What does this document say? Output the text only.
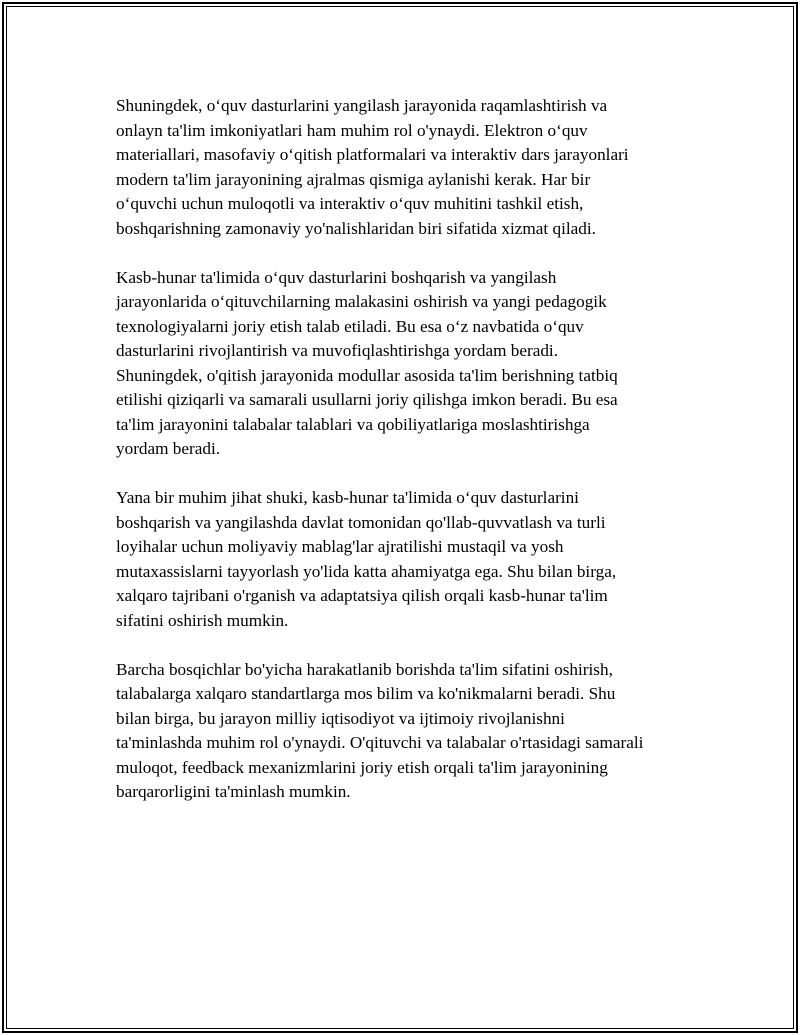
Shuningdek, o‘quv dasturlarini yangilash jarayonida raqamlashtirish va
onlayn ta'lim imkoniyatlari ham muhim rol o'ynaydi. Elektron o‘quv
materiallari, masofaviy o‘qitish platformalari va interaktiv dars jarayonlari
modern ta'lim jarayonining ajralmas qismiga aylanishi kerak. Har bir
o‘quvchi uchun muloqotli va interaktiv o‘quv muhitini tashkil etish,
boshqarishning zamonaviy yo'nalishlaridan biri sifatida xizmat qiladi.

Kasb-hunar ta'limida o‘quv dasturlarini boshqarish va yangilash
jarayonlarida o‘qituvchilarning malakasini oshirish va yangi pedagogik
texnologiyalarni joriy etish talab etiladi. Bu esa o‘z navbatida o‘quv
dasturlarini rivojlantirish va muvofiqlashtirishga yordam beradi.
Shuningdek, o'qitish jarayonida modullar asosida ta'lim berishning tatbiq
etilishi qiziqarli va samarali usullarni joriy qilishga imkon beradi. Bu esa
ta'lim jarayonini talabalar talablari va qobiliyatlariga moslashtirishga
yordam beradi.

Yana bir muhim jihat shuki, kasb-hunar ta'limida o‘quv dasturlarini
boshqarish va yangilashda davlat tomonidan qo'llab-quvvatlash va turli
loyihalar uchun moliyaviy mablag'lar ajratilishi mustaqil va yosh
mutaxassislarni tayyorlash yo'lida katta ahamiyatga ega. Shu bilan birga,
xalqaro tajribani o'rganish va adaptatsiya qilish orqali kasb-hunar ta'lim
sifatini oshirish mumkin.

Barcha bosqichlar bo'yicha harakatlanib borishda ta'lim sifatini oshirish,
talabalarga xalqaro standartlarga mos bilim va ko'nikmalarni beradi. Shu
bilan birga, bu jarayon milliy iqtisodiyot va ijtimoiy rivojlanishni
ta'minlashda muhim rol o'ynaydi. O'qituvchi va talabalar o'rtasidagi samarali
muloqot, feedback mexanizmlarini joriy etish orqali ta'lim jarayonining
barqarorligini ta'minlash mumkin.
